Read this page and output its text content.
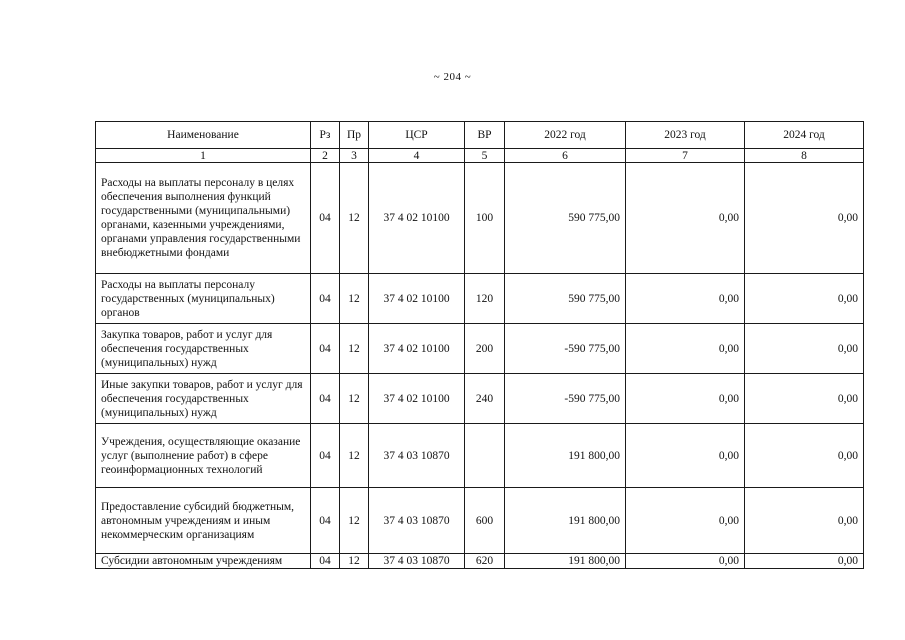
~ 204 ~
Наименование	Рз	Пр	ЦСР	ВР	2022 год	2023 год	2024 год
1	2	3	4	5	6	7	8
Расходы на выплаты персоналу в целях обеспечения выполнения функций государственными (муниципальными) органами, казенными учреждениями, органами управления государственными внебюджетными фондами	04	12	37 4 02 10100	100	590 775,00	0,00	0,00
Расходы на выплаты персоналу государственных (муниципальных) органов	04	12	37 4 02 10100	120	590 775,00	0,00	0,00
Закупка товаров, работ и услуг для обеспечения государственных (муниципальных) нужд	04	12	37 4 02 10100	200	-590 775,00	0,00	0,00
Иные закупки товаров, работ и услуг для обеспечения государственных (муниципальных) нужд	04	12	37 4 02 10100	240	-590 775,00	0,00	0,00
Учреждения, осуществляющие оказание услуг (выполнение работ) в сфере геоинформационных технологий	04	12	37 4 03 10870		191 800,00	0,00	0,00
Предоставление субсидий бюджетным, автономным учреждениям и иным некоммерческим организациям	04	12	37 4 03 10870	600	191 800,00	0,00	0,00
Субсидии автономным учреждениям	04	12	37 4 03 10870	620	191 800,00	0,00	0,00
